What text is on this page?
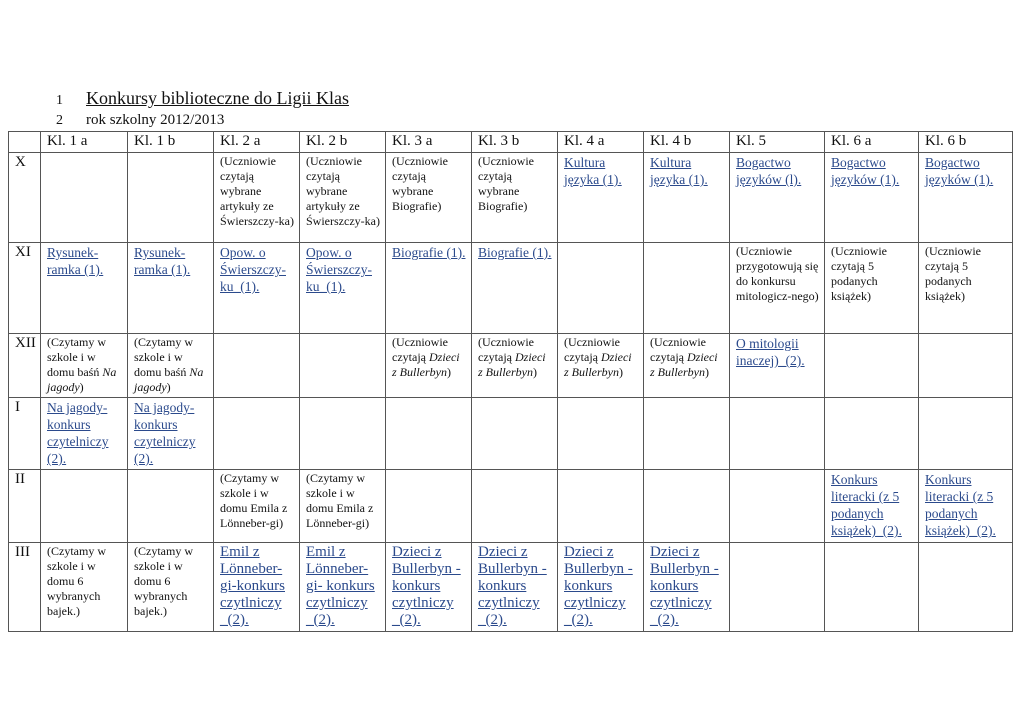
1 Konkursy biblioteczne do Ligii Klas
2 rok szkolny 2012/2013
	Kl. 1 a	Kl. 1 b	Kl. 2 a	Kl. 2 b	Kl. 3 a	Kl. 3 b	Kl. 4 a	Kl. 4 b	Kl. 5	Kl. 6 a	Kl. 6 b
X			(Uczniowie czytają wybrane artykuły ze Świerszczy-ka)	(Uczniowie czytają wybrane artykuły ze Świerszczy-ka)	(Uczniowie czytają wybrane Biografie)	(Uczniowie czytają wybrane Biografie)	Kultura języka (1).	Kultura języka (1).	Bogactwo języków (l).	Bogactwo języków (1).	Bogactwo języków (1).

XI	Rysunek-ramka (1).	Rysunek-ramka (1).	Opow. o Świerszczy-ku_(1).	Opow. o Świerszczy-ku_(1).	Biografie (1).	Biografie (1).			(Uczniowie przygotowują się do konkursu mitologicz-nego)	(Uczniowie czytają 5 podanych książek)	(Uczniowie czytają 5 podanych książek)

XII	(Czytamy w szkole i w domu baśń Na jagody)	(Czytamy w szkole i w domu baśń Na jagody)			(Uczniowie czytają Dzieci z Bullerbyn)	(Uczniowie czytają Dzieci z Bullerbyn)	(Uczniowie czytają Dzieci z Bullerbyn)	(Uczniowie czytają Dzieci z Bullerbyn)	O mitologii inaczej)_(2).		

I	Na jagody-konkurs czytelniczy (2).	Na jagody-konkurs czytelniczy (2).									

II			(Czytamy w szkole i w domu Emila z Lönneber-gi)	(Czytamy w szkole i w domu Emila z Lönneber-gi)						Konkurs literacki (z 5 podanych książek)_(2).	Konkurs literacki (z 5 podanych książek)_(2).

III	(Czytamy w szkole i w domu 6 wybranych bajek.)	(Czytamy w szkole i w domu 6 wybranych bajek.)	Emil z Lönneber-gi-konkurs czytlniczy _(2).	Emil z Lönneber-gi- konkurs czytlniczy _(2).	Dzieci z Bullerbyn - konkurs czytlniczy _(2).	Dzieci z Bullerbyn - konkurs czytlniczy _(2).	Dzieci z Bullerbyn - konkurs czytlniczy _(2).	Dzieci z Bullerbyn - konkurs czytlniczy _(2).			
